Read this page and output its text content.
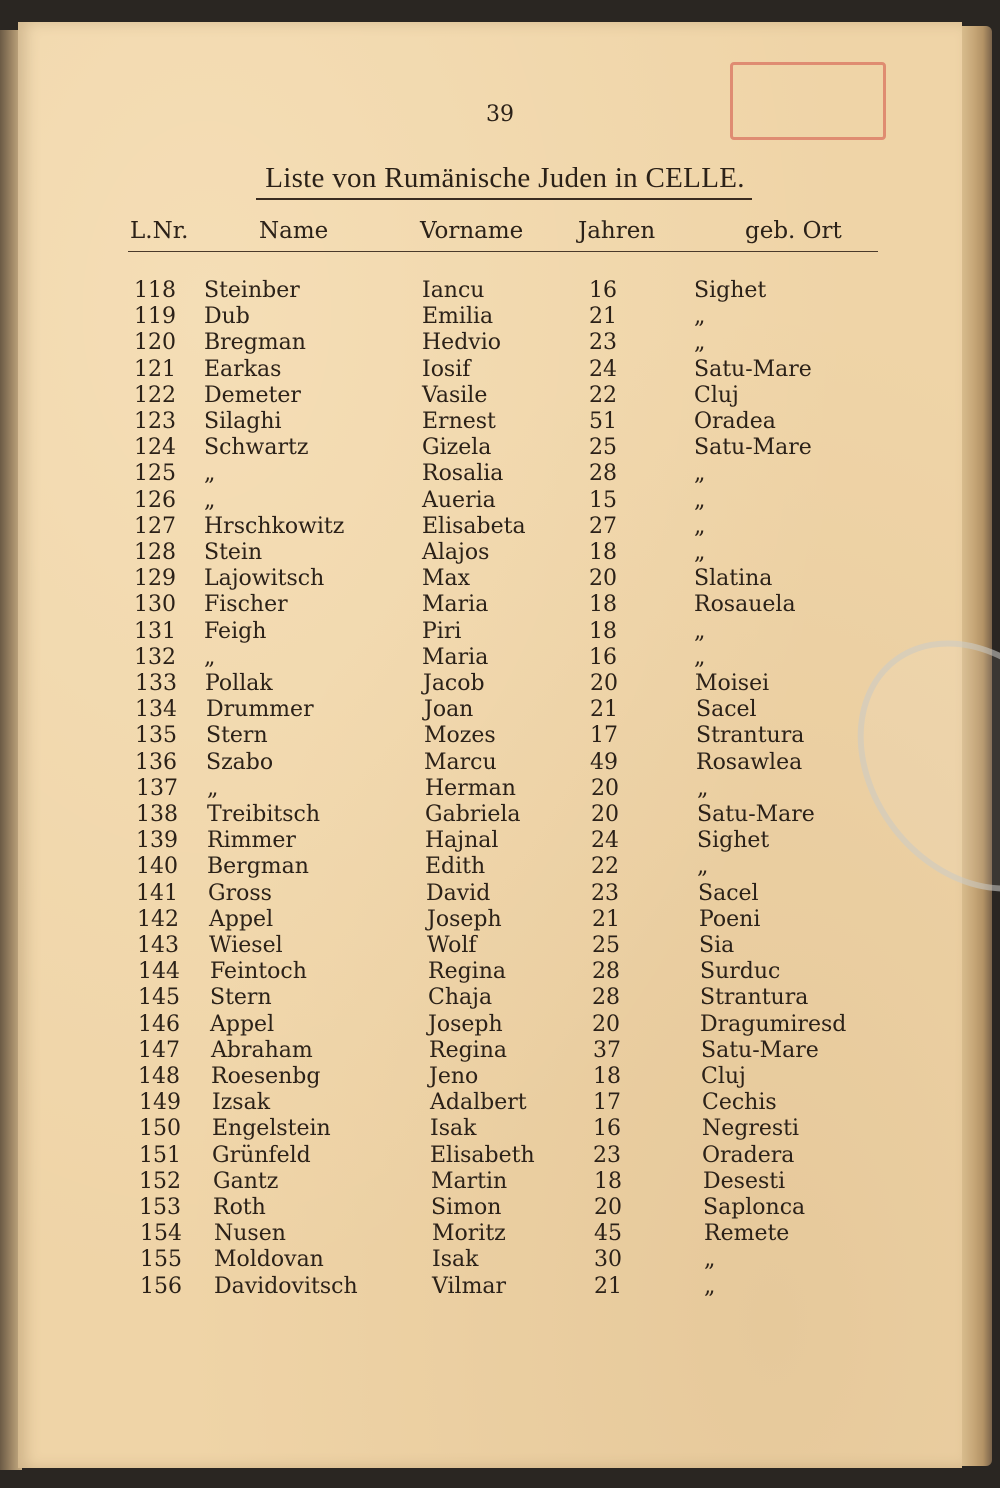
39
Liste von Rumänische Juden in CELLE.
L.Nr.	Name	Vorname Jahren	geb. Ort
118 Steinber	Iancu	16	Sighet
119 Dub	Emilia	21	„
120 Bregman	Hedvio	23	„
121 Earkas	Iosif	24	Satu-Mare
122 Demeter	Vasile	22	Cluj
123 Silaghi	Ernest	51	Oradea
124 Schwartz	Gizela	25	Satu-Mare
125 „	Rosalia	28	„
126 „	Aueria	15	„
127 Hrschkowitz	Elisabeta	27	„
128 Stein	Alajos	18	„
129 Lajowitsch	Max	20	Slatina
130 Fischer	Maria	18	Rosauela
131 Feigh	Piri	18	„
132 „	Maria	16	„
133 Pollak	Jacob	20	Moisei
134 Drummer	Joan	21	Sacel
135 Stern	Mozes	17	Strantura
136 Szabo	Marcu	49	Rosawlea
137 „	Herman	20	„
138 Treibitsch	Gabriela	20	Satu-Mare
139 Rimmer	Hajnal	24	Sighet
140 Bergman	Edith	22	„
141 Gross	David	23	Sacel
142 Appel	Joseph	21	Poeni
143 Wiesel	Wolf	25	Sia
144 Feintoch	Regina	28	Surduc
145 Stern	Chaja	28	Strantura
146 Appel	Joseph	20	Dragumiresd
147 Abraham	Regina	37	Satu-Mare
148 Roesenbg	Jeno	18	Cluj
149 Izsak	Adalbert	17	Cechis
150 Engelstein	Isak	16	Negresti
151 Grünfeld	Elisabeth	23	Oradera
152 Gantz	Martin	18	Desesti
153 Roth	Simon	20	Saplonca
154 Nusen	Moritz	45	Remete
155 Moldovan	Isak	30	„
156 Davidovitsch	Vilmar	21	„
